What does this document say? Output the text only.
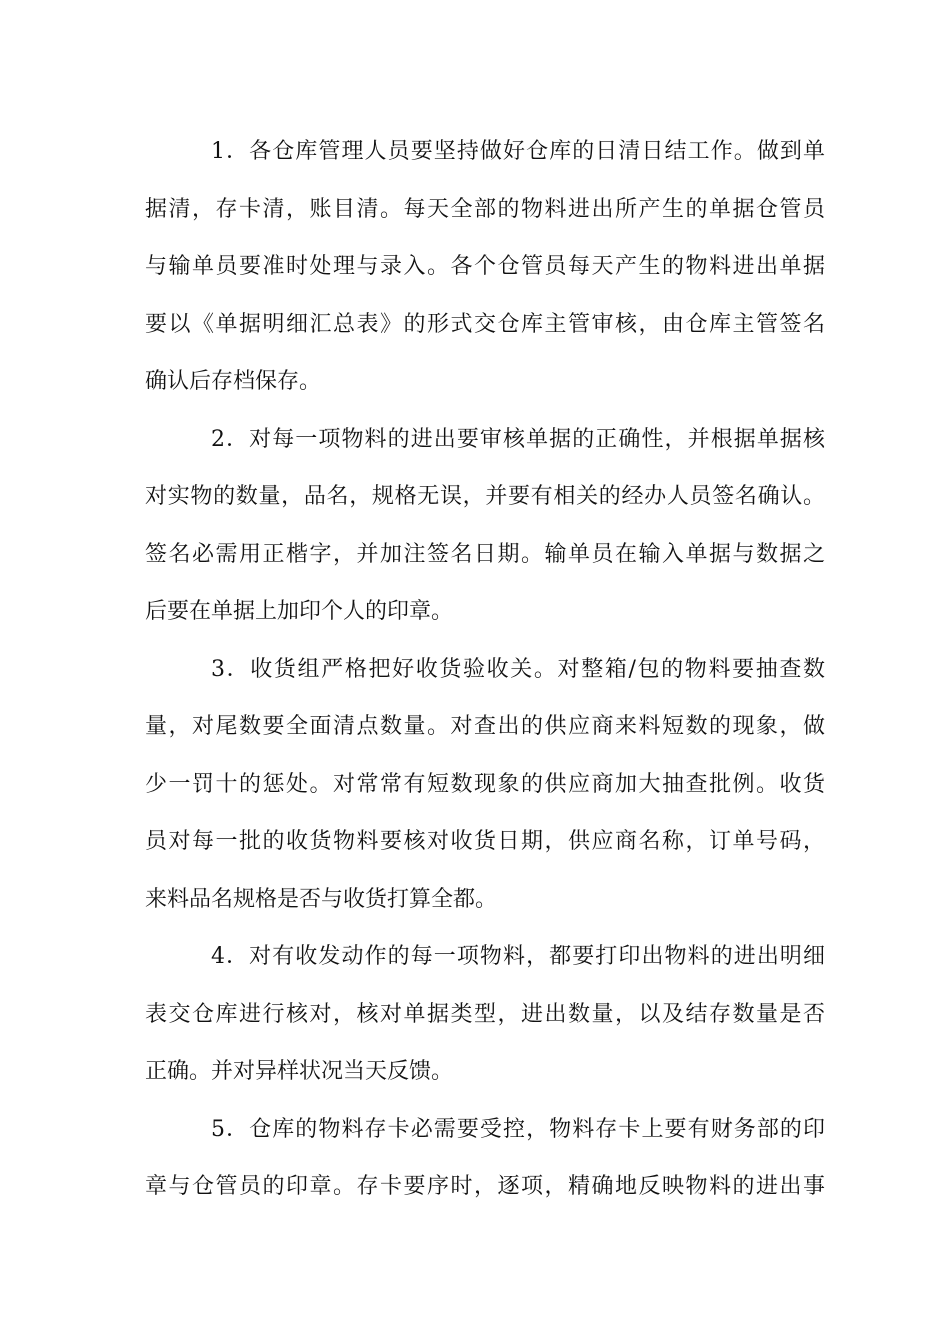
1．各仓库管理人员要坚持做好仓库的日清日结工作。做到单
据清，存卡清，账目清。每天全部的物料进出所产生的单据仓管员
与输单员要准时处理与录入。各个仓管员每天产生的物料进出单据
要以《单据明细汇总表》的形式交仓库主管审核，由仓库主管签名
确认后存档保存。
2．对每一项物料的进出要审核单据的正确性，并根据单据核
对实物的数量，品名，规格无误，并要有相关的经办人员签名确认。
签名必需用正楷字，并加注签名日期。输单员在输入单据与数据之
后要在单据上加印个人的印章。
3．收货组严格把好收货验收关。对整箱/包的物料要抽查数
量，对尾数要全面清点数量。对查出的供应商来料短数的现象，做
少一罚十的惩处。对常常有短数现象的供应商加大抽查批例。收货
员对每一批的收货物料要核对收货日期，供应商名称，订单号码，
来料品名规格是否与收货打算全都。
4．对有收发动作的每一项物料，都要打印出物料的进出明细
表交仓库进行核对，核对单据类型，进出数量，以及结存数量是否
正确。并对异样状况当天反馈。
5．仓库的物料存卡必需要受控，物料存卡上要有财务部的印
章与仓管员的印章。存卡要序时，逐项，精确地反映物料的进出事
